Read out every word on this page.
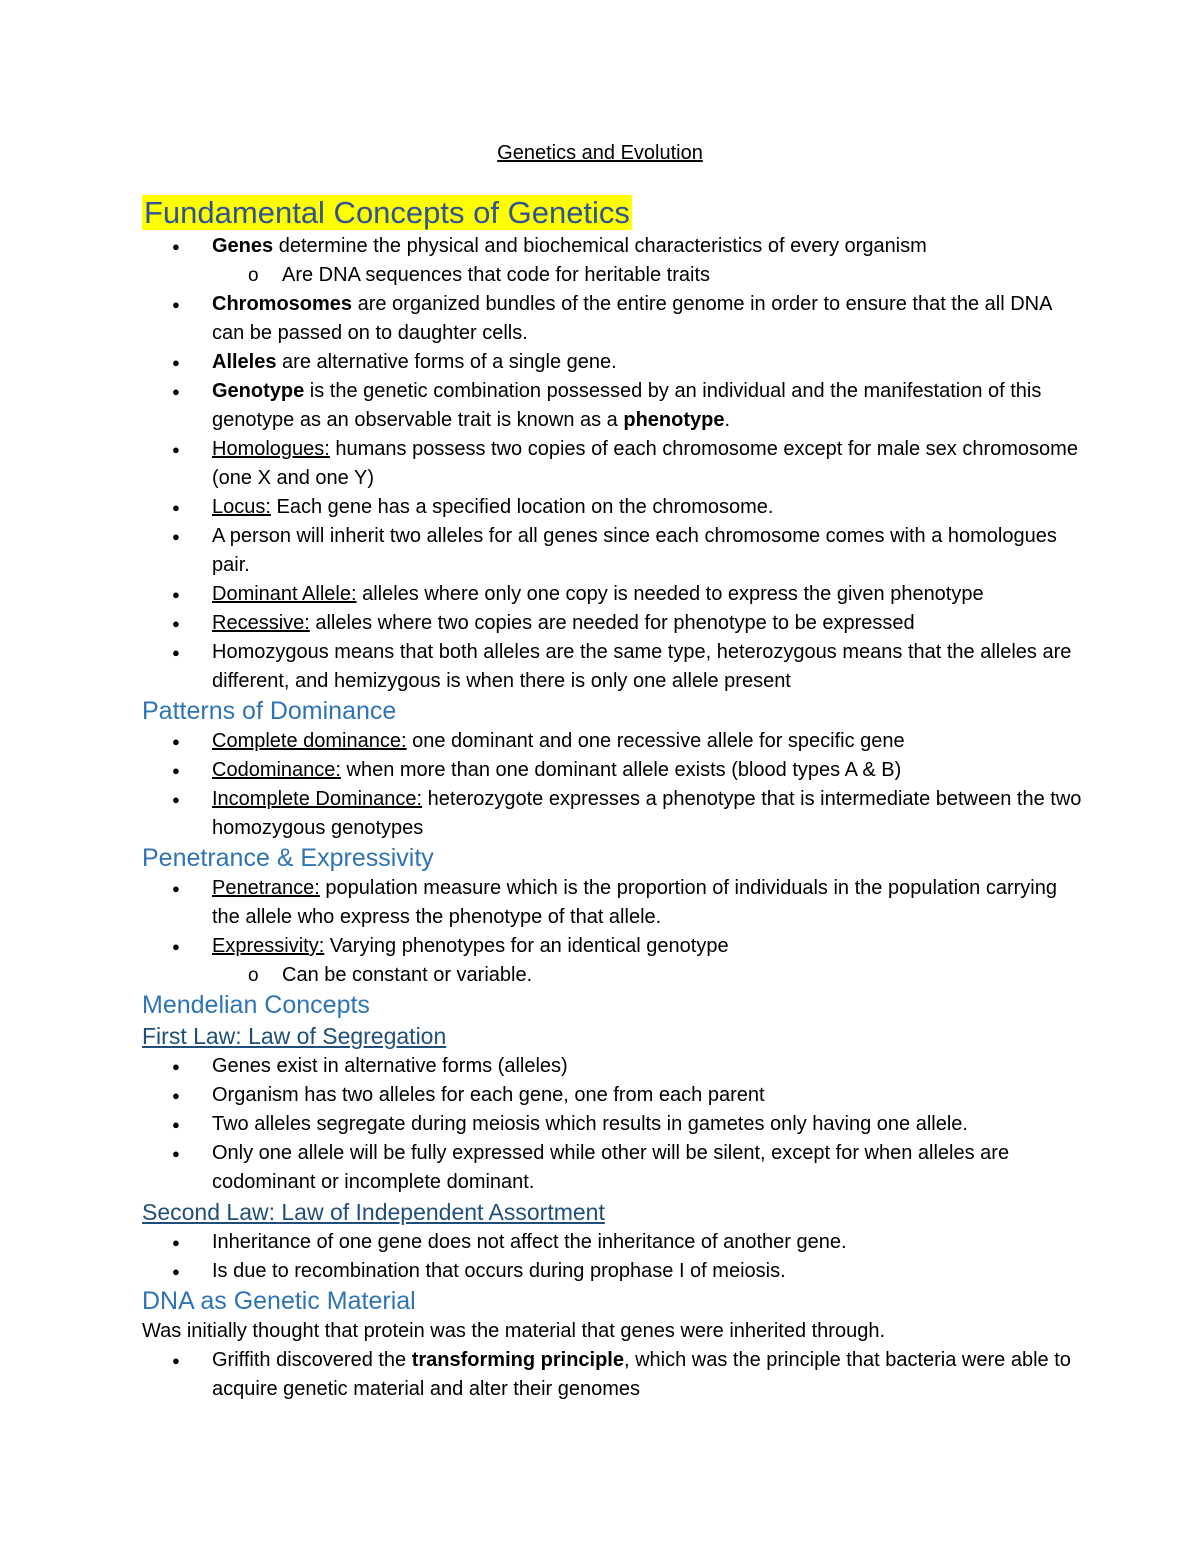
Genetics and Evolution
Fundamental Concepts of Genetics
● Genes determine the physical and biochemical characteristics of every organism
o Are DNA sequences that code for heritable traits
● Chromosomes are organized bundles of the entire genome in order to ensure that the all DNA can be passed on to daughter cells.
● Alleles are alternative forms of a single gene.
● Genotype is the genetic combination possessed by an individual and the manifestation of this genotype as an observable trait is known as a phenotype.
● Homologues: humans possess two copies of each chromosome except for male sex chromosome (one X and one Y)
● Locus: Each gene has a specified location on the chromosome.
● A person will inherit two alleles for all genes since each chromosome comes with a homologues pair.
● Dominant Allele: alleles where only one copy is needed to express the given phenotype
● Recessive: alleles where two copies are needed for phenotype to be expressed
● Homozygous means that both alleles are the same type, heterozygous means that the alleles are different, and hemizygous is when there is only one allele present
Patterns of Dominance
● Complete dominance: one dominant and one recessive allele for specific gene
● Codominance: when more than one dominant allele exists (blood types A & B)
● Incomplete Dominance: heterozygote expresses a phenotype that is intermediate between the two homozygous genotypes
Penetrance & Expressivity
● Penetrance: population measure which is the proportion of individuals in the population carrying the allele who express the phenotype of that allele.
● Expressivity: Varying phenotypes for an identical genotype
o Can be constant or variable.
Mendelian Concepts
First Law: Law of Segregation
● Genes exist in alternative forms (alleles)
● Organism has two alleles for each gene, one from each parent
● Two alleles segregate during meiosis which results in gametes only having one allele.
● Only one allele will be fully expressed while other will be silent, except for when alleles are codominant or incomplete dominant.
Second Law: Law of Independent Assortment
● Inheritance of one gene does not affect the inheritance of another gene.
● Is due to recombination that occurs during prophase I of meiosis.
DNA as Genetic Material
Was initially thought that protein was the material that genes were inherited through.
● Griffith discovered the transforming principle, which was the principle that bacteria were able to acquire genetic material and alter their genomes
